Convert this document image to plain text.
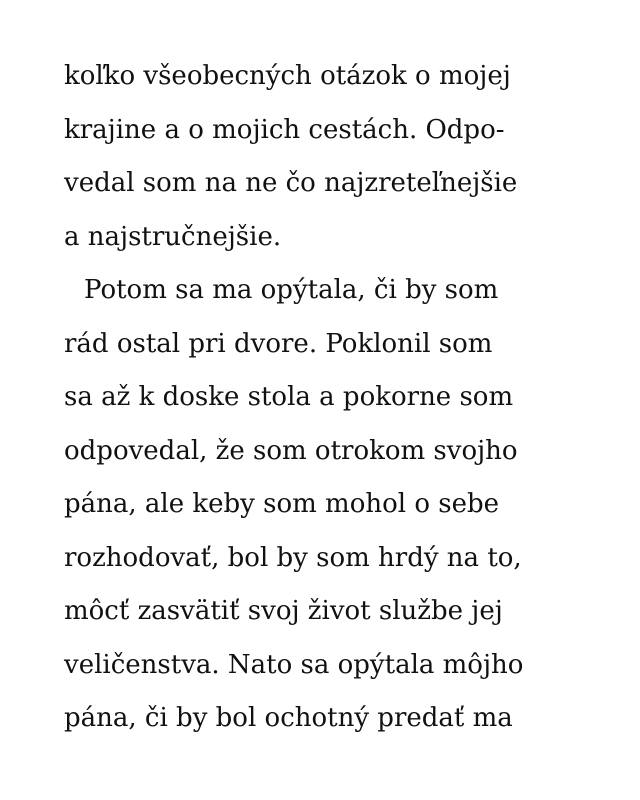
koľko všeobecných otázok o mojej
krajine a o mojich cestách. Odpo-
vedal som na ne čo najzreteľnejšie
a najstručnejšie.
Potom sa ma opýtala, či by som
rád ostal pri dvore. Poklonil som
sa až k doske stola a pokorne som
odpovedal, že som otrokom svojho
pána, ale keby som mohol o sebe
rozhodovať, bol by som hrdý na to,
môcť zasvätiť svoj život službe jej
veličenstva. Nato sa opýtala môjho
pána, či by bol ochotný predať ma
